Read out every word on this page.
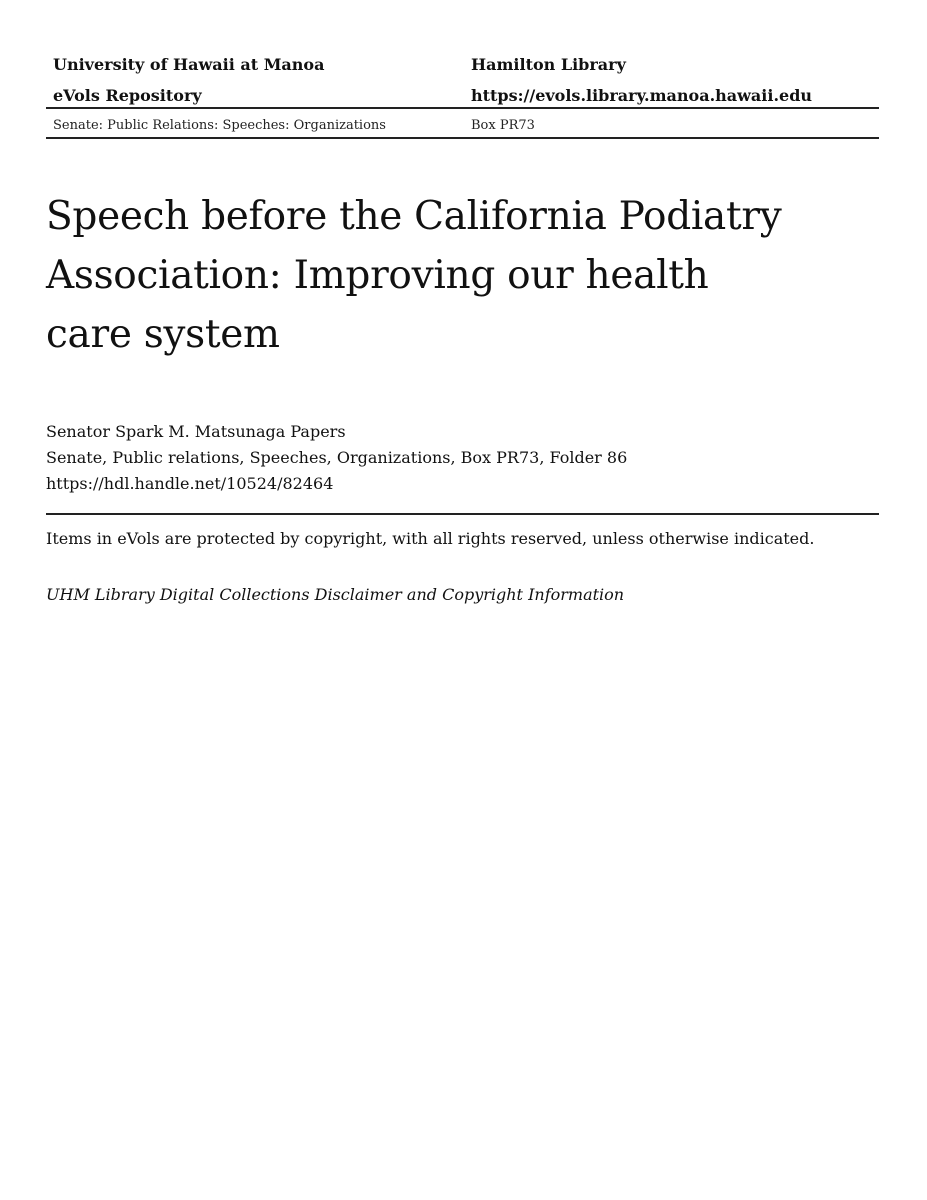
University of Hawaii at Manoa	Hamilton Library
eVols Repository	https://evols.library.manoa.hawaii.edu
Senate: Public Relations: Speeches: Organizations	Box PR73
Speech before the California Podiatry Association: Improving our health care system
Senator Spark M. Matsunaga Papers
Senate, Public relations, Speeches, Organizations, Box PR73, Folder 86
https://hdl.handle.net/10524/82464
Items in eVols are protected by copyright, with all rights reserved, unless otherwise indicated.
UHM Library Digital Collections Disclaimer and Copyright Information
